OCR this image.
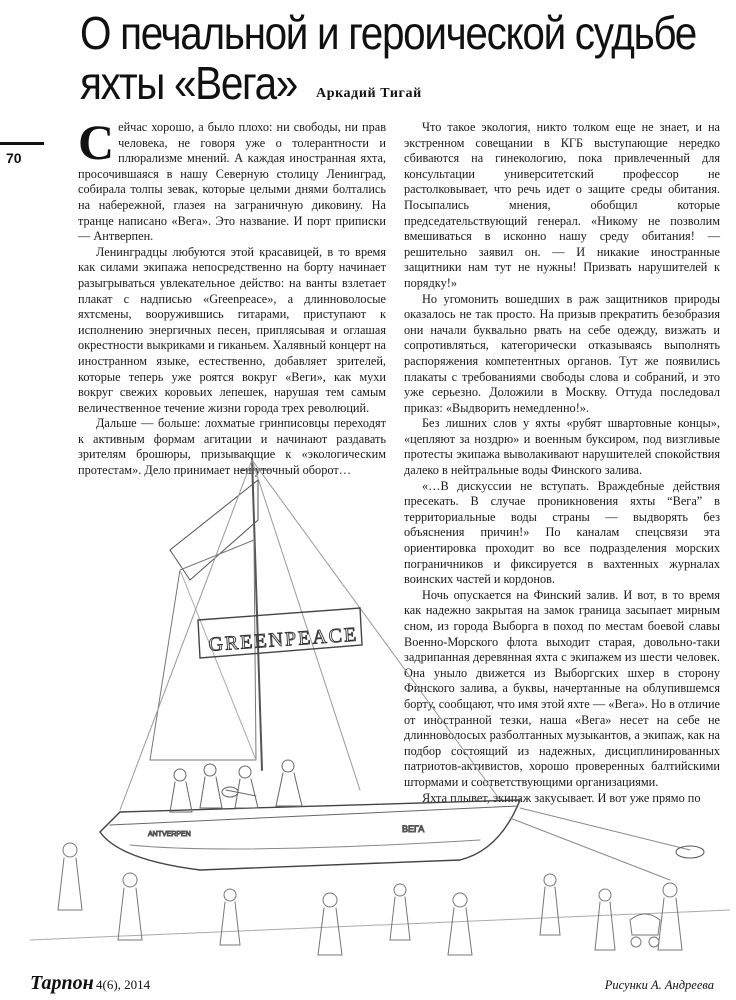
О печальной и героической судьбе
яхты «Вега»	Аркадий Тигай
70 Сейчас хорошо, а было плохо: ни свободы, ни прав человека, не говоря уже о толерантности и плюрализме мнений. А каждая иностранная яхта, просочившаяся в нашу Северную столицу Ленинград, собирала толпы зевак, которые целыми днями болтались на набережной, глазея на заграничную диковину. На транце написано «Вега». Это название. И порт приписки — Антверпен.

Ленинградцы любуются этой красавицей, в то время как силами экипажа непосредственно на борту начинает разыгрываться увлекательное действо: на ванты взлетает плакат с надписью «Greenpeace», а длинноволосые яхтсмены, вооружившись гитарами, приступают к исполнению энергичных песен, приплясывая и оглашая окрестности выкриками и гиканьем. Халявный концерт на иностранном языке, естественно, добавляет зрителей, которые теперь уже роятся вокруг «Веги», как мухи вокруг свежих коровьих лепешек, нарушая тем самым величественное течение жизни города трех революций.

Дальше — больше: лохматые гринписовцы переходят к активным формам агитации и начинают раздавать зрителям брошюры, призывающие к «экологическим протестам». Дело принимает нешуточный оборот…

Что такое экология, никто толком еще не знает, и на экстренном совещании в КГБ выступающие нередко сбиваются на гинекологию, пока привлеченный для консультации университетский профессор не растолковывает, что речь идет о защите среды обитания. Посыпались мнения, обобщил которые председательствующий генерал. «Никому не позволим вмешиваться в исконно нашу среду обитания! — решительно заявил он. — И никакие иностранные защитники нам тут не нужны! Призвать нарушителей к порядку!»

Но угомонить вошедших в раж защитников природы оказалось не так просто. На призыв прекратить безобразия они начали буквально рвать на себе одежду, визжать и сопротивляться, категорически отказываясь выполнять распоряжения компетентных органов. Тут же появились плакаты с требованиями свободы слова и собраний, и это уже серьезно. Доложили в Москву. Оттуда последовал приказ: «Выдворить немедленно!».

Без лишних слов у яхты «рубят швартовные концы», «цепляют за ноздрю» и военным буксиром, под визгливые протесты экипажа выволакивают нарушителей спокойствия далеко в нейтральные воды Финского залива.

«…В дискуссии не вступать. Враждебные действия пресекать. В случае проникновения яхты “Вега” в территориальные воды страны — выдворять без объяснения причин!» По каналам спецсвязи эта ориентировка проходит во все подразделения морских пограничников и фиксируется в вахтенных журналах воинских частей и кордонов.

Ночь опускается на Финский залив. И вот, в то время как надежно закрытая на замок граница засыпает мирным сном, из города Выборга в поход по местам боевой славы Военно-Морского флота выходит старая, довольно-таки задрипанная деревянная яхта с экипажем из шести человек. Она уныло движется из Выборгских шхер в сторону Финского залива, а буквы, начертанные на облупившемся борту, сообщают, что имя этой яхте — «Вега». Но в отличие от иностранной тезки, наша «Вега» несет на себе не длинноволосых разболтанных музыкантов, а экипаж, как на подбор состоящий из надежных, дисциплинированных патриотов-активистов, хорошо проверенных балтийскими штормами и соответствующими организациями.

Яхта плывет, экипаж закусывает. И вот уже прямо по

GREENPEACE
ANTVERPEN
ВЕГА
Тарпон 4(6), 2014	Рисунки А. Андреева
